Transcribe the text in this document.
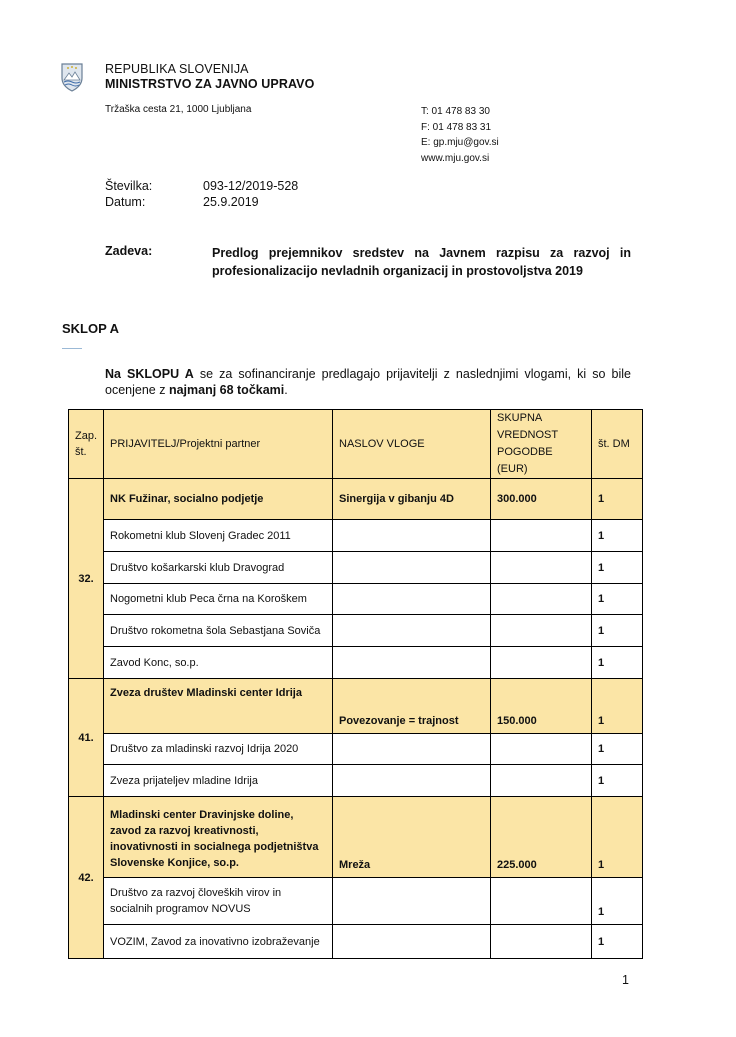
REPUBLIKA SLOVENIJA
MINISTRSTVO ZA JAVNO UPRAVO
Tržaška cesta 21, 1000 Ljubljana	T: 01 478 83 30
F: 01 478 83 31
E: gp.mju@gov.si
www.mju.gov.si
Številka:	093-12/2019-528
Datum:	25.9.2019
Zadeva:	Predlog prejemnikov sredstev na Javnem razpisu za razvoj in profesionalizacijo nevladnih organizacij in prostovoljstva 2019
SKLOP A
Na SKLOPU A se za sofinanciranje predlagajo prijavitelji z naslednjimi vlogami, ki so bile ocenjene z najmanj 68 točkami.
Zap. št.	PRIJAVITELJ/Projektni partner	NASLOV VLOGE	SKUPNA VREDNOST POGODBE (EUR)	št. DM
32.	NK Fužinar, socialno podjetje	Sinergija v gibanju 4D	300.000	1
	Rokometni klub Slovenj Gradec 2011			1
	Društvo košarkarski klub Dravograd			1
	Nogometni klub Peca črna na Koroškem			1
	Društvo rokometna šola Sebastjana Soviča			1
	Zavod Konc, so.p.			1
41.	Zveza društev Mladinski center Idrija	Povezovanje = trajnost	150.000	1
	Društvo za mladinski razvoj Idrija 2020			1
	Zveza prijateljev mladine Idrija			1
42.	Mladinski center Dravinjske doline, zavod za razvoj kreativnosti, inovativnosti in socialnega podjetništva Slovenske Konjice, so.p.	Mreža	225.000	1
	Društvo za razvoj človeških virov in socialnih programov NOVUS			1
	VOZIM, Zavod za inovativno izobraževanje			1
1
